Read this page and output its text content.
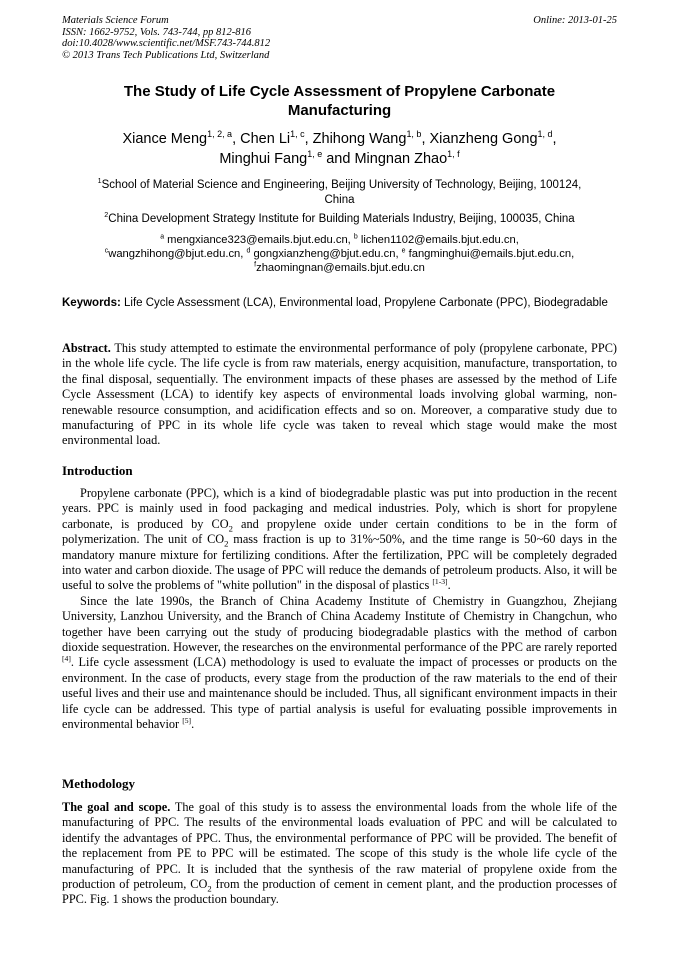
Materials Science Forum
ISSN: 1662-9752, Vols. 743-744, pp 812-816
doi:10.4028/www.scientific.net/MSF.743-744.812
© 2013 Trans Tech Publications Ltd, Switzerland
Online: 2013-01-25
The Study of Life Cycle Assessment of Propylene Carbonate
Manufacturing
Xiance Meng$^{1, 2, a}$, Chen Li$^{1, c}$, Zhihong Wang$^{1, b}$, Xianzheng Gong$^{1, d}$,
Minghui Fang$^{1, e}$ and Mingnan Zhao$^{1, f}$
$^1$School of Material Science and Engineering, Beijing University of Technology, Beijing, 100124,
China
$^2$China Development Strategy Institute for Building Materials Industry, Beijing, 100035, China
$^a$ mengxiance323@emails.bjut.edu.cn, $^b$ lichen1102@emails.bjut.edu.cn,
$^c$wangzhihong@bjut.edu.cn, $^d$ gongxianzheng@bjut.edu.cn, $^e$ fangminghui@emails.bjut.edu.cn,
$^f$zhaomingnan@emails.bjut.edu.cn
Keywords: Life Cycle Assessment (LCA), Environmental load, Propylene Carbonate (PPC), Biodegradable
Abstract. This study attempted to estimate the environmental performance of poly (propylene carbonate, PPC) in the whole life cycle. The life cycle is from raw materials, energy acquisition, manufacture, transportation, to the final disposal, sequentially. The environment impacts of these phases are assessed by the method of Life Cycle Assessment (LCA) to identify key aspects of environmental loads involving global warming, non-renewable resource consumption, and acidification effects and so on. Moreover, a comparative study due to manufacturing of PPC in its whole life cycle was taken to reveal which stage would make the most environmental load.
Introduction

Propylene carbonate (PPC), which is a kind of biodegradable plastic was put into production in the recent years. PPC is mainly used in food packaging and medical industries. Poly, which is short for propylene carbonate, is produced by $CO_2$ and propylene oxide under certain conditions to be in the form of polymerization. The unit of $CO_2$ mass fraction is up to 31%~50%, and the time range is 50~60 days in the mandatory manure mixture for fertilizing conditions. After the fertilization, PPC will be completely degraded into water and carbon dioxide. The usage of PPC will reduce the demands of petroleum products. Also, it will be useful to solve the problems of "white pollution" in the disposal of plastics [1-3].

Since the late 1990s, the Branch of China Academy Institute of Chemistry in Guangzhou, Zhejiang University, Lanzhou University, and the Branch of China Academy Institute of Chemistry in Changchun, who together have been carrying out the study of producing biodegradable plastics with the method of carbon dioxide sequestration. However, the researches on the environmental performance of the PPC are rarely reported [4]. Life cycle assessment (LCA) methodology is used to evaluate the impact of processes or products on the environment. In the case of products, every stage from the production of the raw materials to the end of their useful lives and their use and maintenance should be included. Thus, all significant environment impacts in their life cycle can be addressed. This type of partial analysis is useful for evaluating possible improvements in environmental behavior [5].

Methodology
The goal and scope. The goal of this study is to assess the environmental loads from the whole life of the manufacturing of PPC. The results of the environmental loads evaluation of PPC and will be calculated to identify the advantages of PPC. Thus, the environmental performance of PPC will be provided. The benefit of the replacement from PE to PPC will be estimated. The scope of this study is the whole life cycle of the manufacturing of PPC. It is included that the synthesis of the raw material of propylene oxide from the production of petroleum, $CO_2$ from the production of cement in cement plant, and the production processes of PPC. Fig. 1 shows the production boundary.
